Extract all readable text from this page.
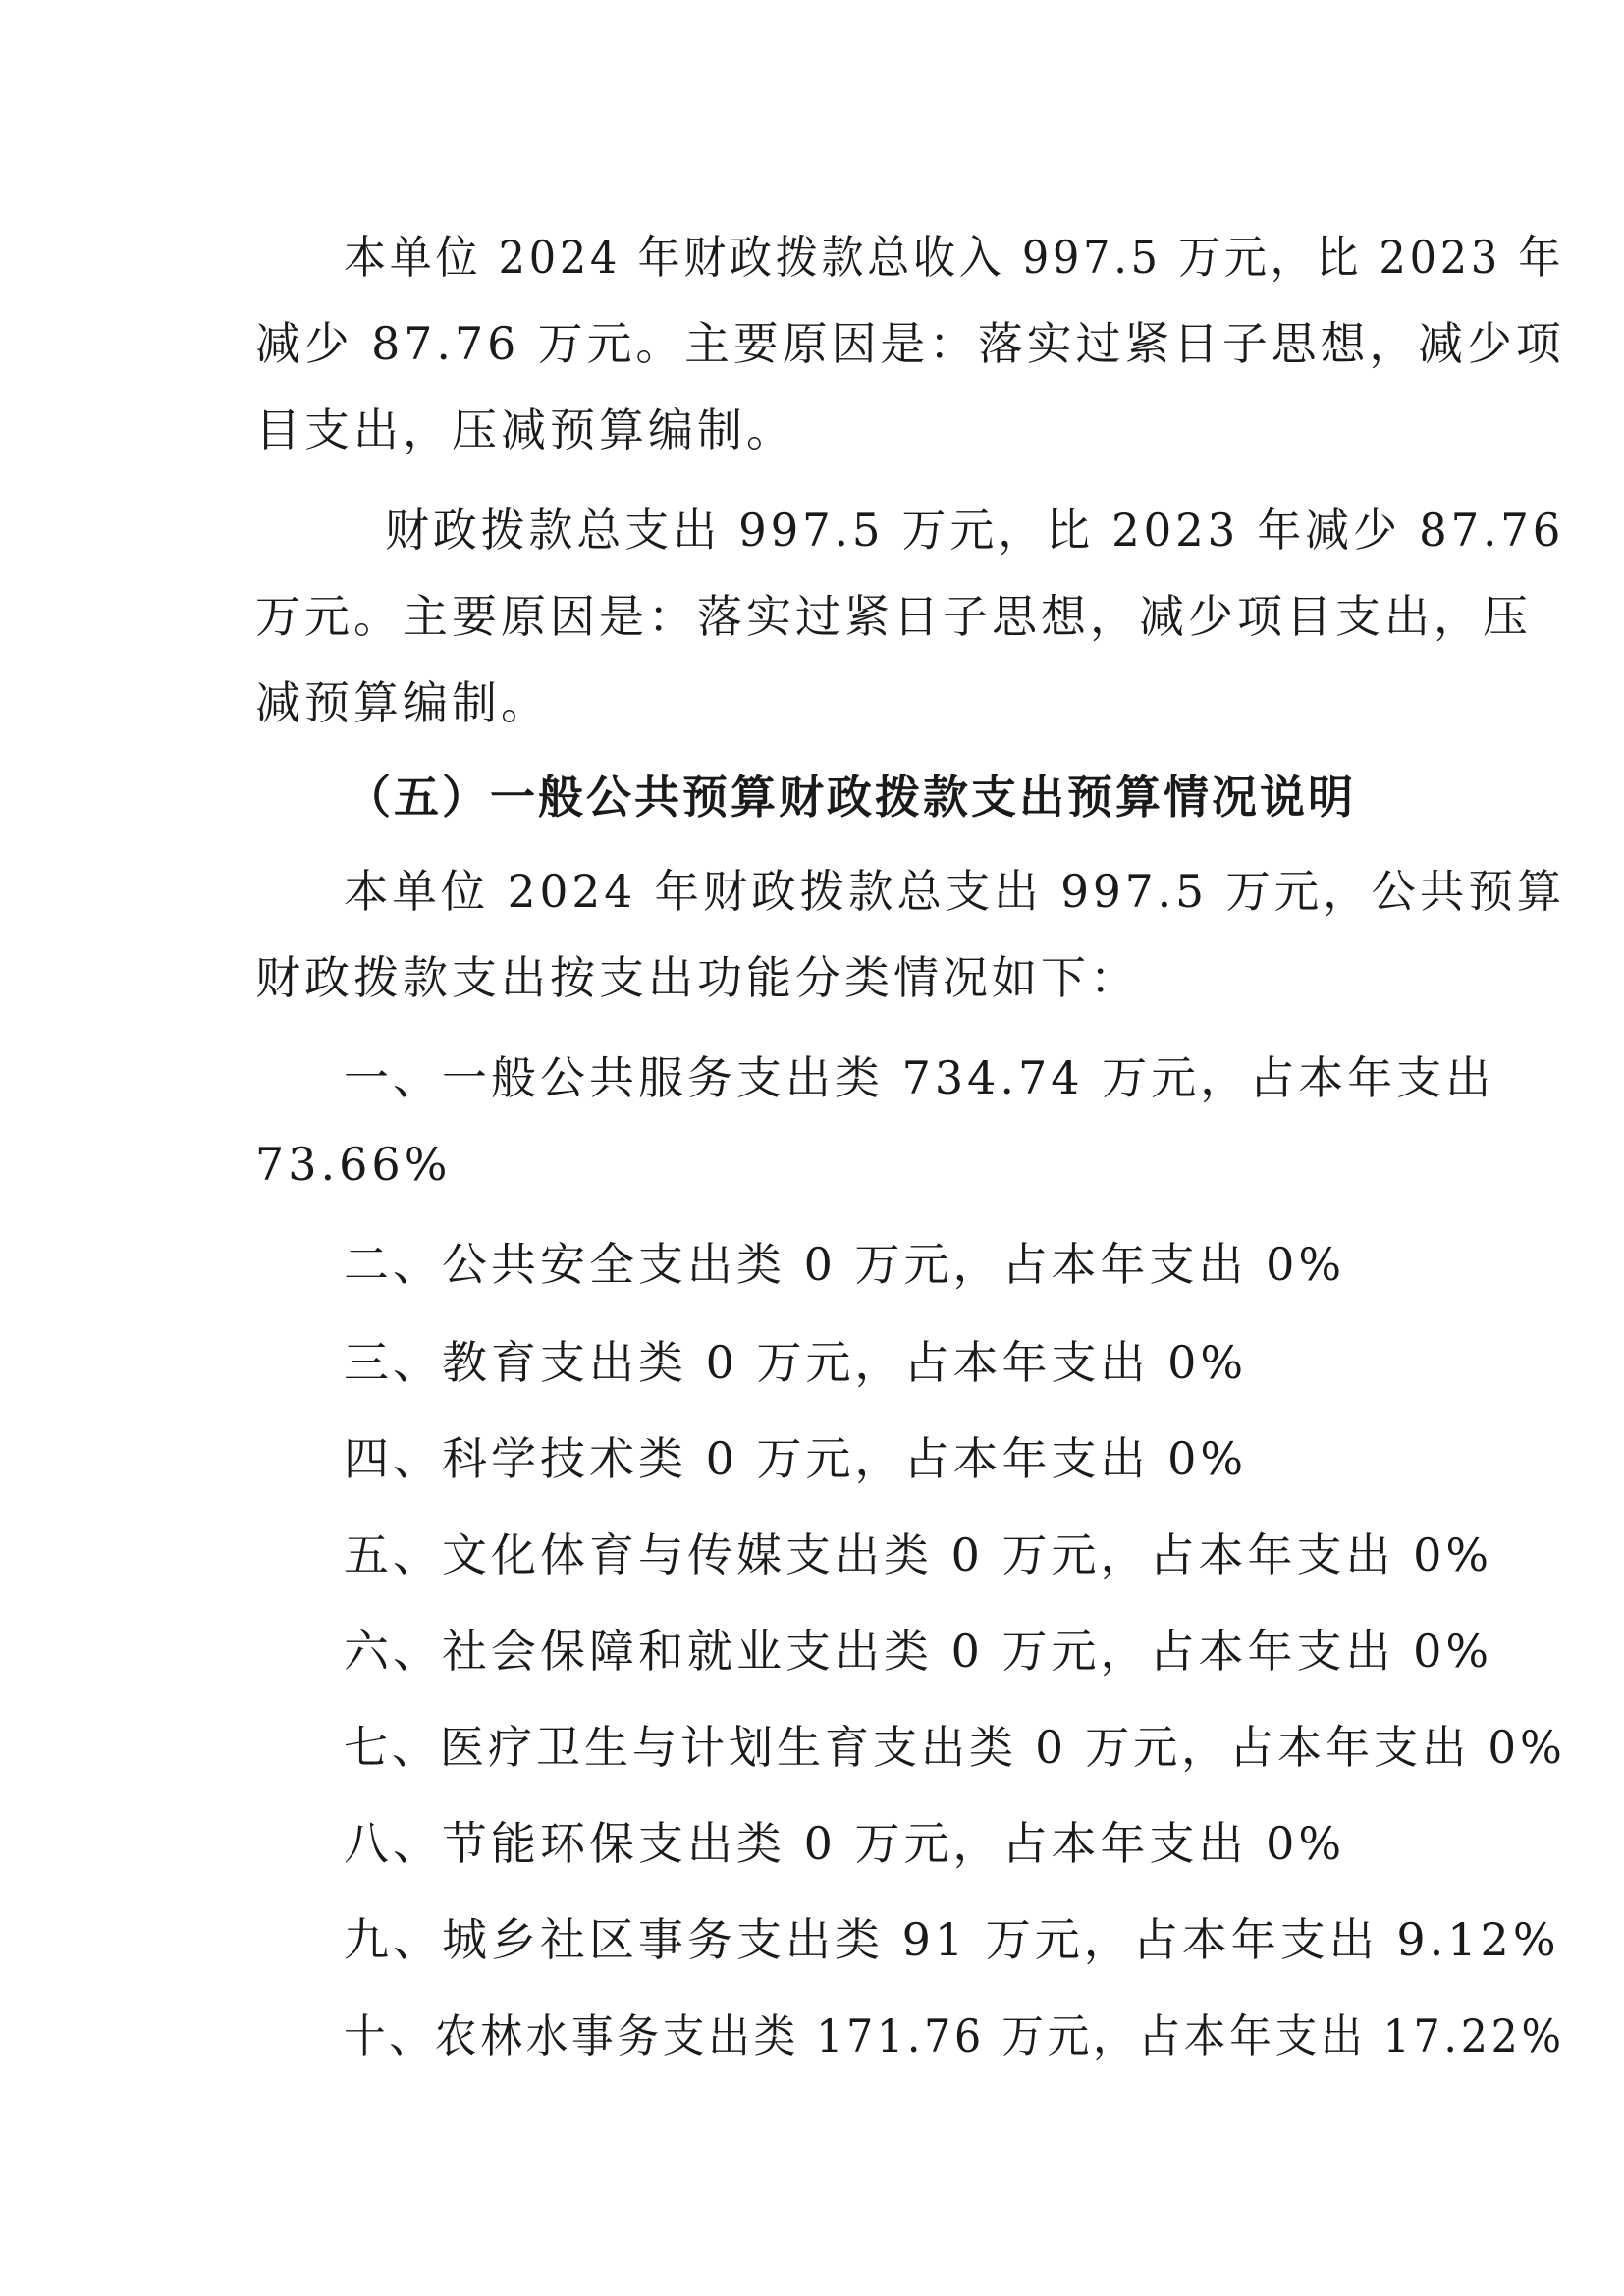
本单位 2024 年财政拨款总收入 997.5 万元，比 2023 年
减少 87.76 万元。主要原因是：落实过紧日子思想，减少项
目支出，压减预算编制。
财政拨款总支出 997.5 万元，比 2023 年减少 87.76
万元。主要原因是：落实过紧日子思想，减少项目支出，压
减预算编制。
（五）一般公共预算财政拨款支出预算情况说明
本单位 2024 年财政拨款总支出 997.5 万元，公共预算
财政拨款支出按支出功能分类情况如下：
一、一般公共服务支出类 734.74 万元，占本年支出
73.66%
二、公共安全支出类 0 万元，占本年支出 0%
三、教育支出类 0 万元，占本年支出 0%
四、科学技术类 0 万元，占本年支出 0%
五、文化体育与传媒支出类 0 万元，占本年支出 0%
六、社会保障和就业支出类 0 万元，占本年支出 0%
七、医疗卫生与计划生育支出类 0 万元，占本年支出 0%
八、节能环保支出类 0 万元，占本年支出 0%
九、城乡社区事务支出类 91 万元，占本年支出 9.12%
十、农林水事务支出类 171.76 万元，占本年支出 17.22%
